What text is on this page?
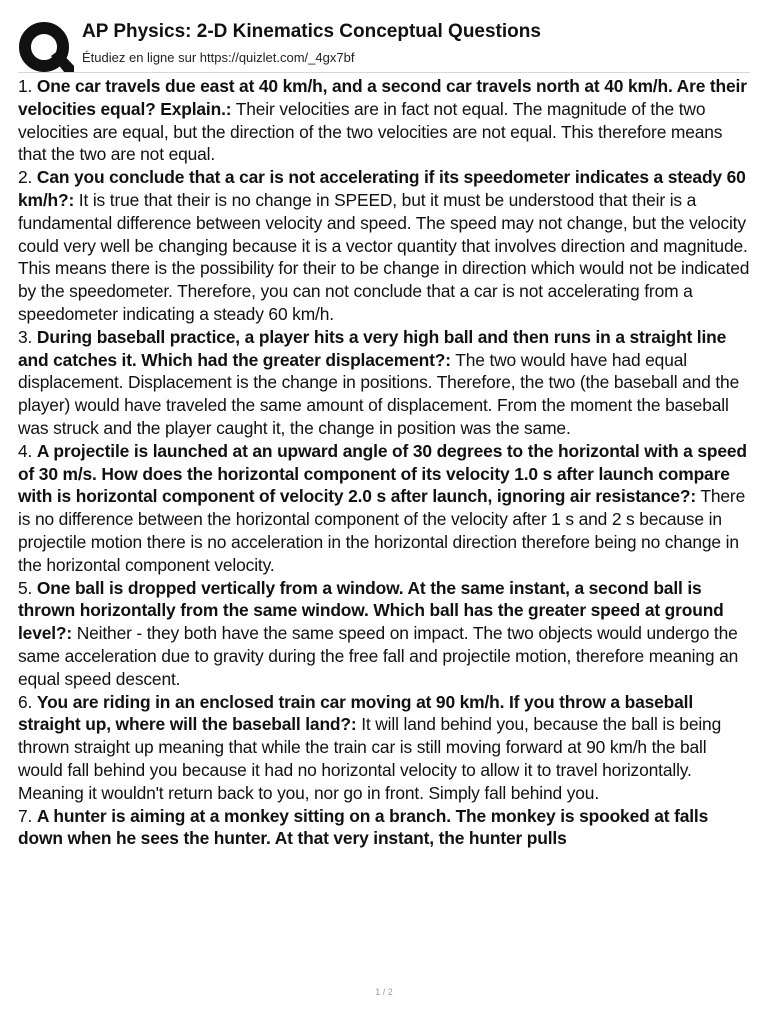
AP Physics: 2-D Kinematics Conceptual Questions
Étudiez en ligne sur https://quizlet.com/_4gx7bf

1. One car travels due east at 40 km/h, and a second car travels north at 40 km/h. Are their velocities equal? Explain.: Their velocities are in fact not equal. The magnitude of the two velocities are equal, but the direction of the two velocities are not equal. This therefore means that the two are not equal.

2. Can you conclude that a car is not accelerating if its speedometer indicates a steady 60 km/h?: It is true that their is no change in SPEED, but it must be understood that their is a fundamental difference between velocity and speed. The speed may not change, but the velocity could very well be changing because it is a vector quantity that involves direction and magnitude. This means there is the possibility for their to be change in direction which would not be indicated by the speedometer. Therefore, you can not conclude that a car is not accelerating from a speedometer indicating a steady 60 km/h.

3. During baseball practice, a player hits a very high ball and then runs in a straight line and catches it. Which had the greater displacement?: The two would have had equal displacement. Displacement is the change in positions. Therefore, the two (the baseball and the player) would have traveled the same amount of displacement. From the moment the baseball was struck and the player caught it, the change in position was the same.

4. A projectile is launched at an upward angle of 30 degrees to the horizontal with a speed of 30 m/s. How does the horizontal component of its velocity 1.0 s after launch compare with is horizontal component of velocity 2.0 s after launch, ignoring air resistance?: There is no difference between the horizontal component of the velocity after 1 s and 2 s because in projectile motion there is no acceleration in the horizontal direction therefore being no change in the horizontal component velocity.

5. One ball is dropped vertically from a window. At the same instant, a second ball is thrown horizontally from the same window. Which ball has the greater speed at ground level?: Neither - they both have the same speed on impact. The two objects would undergo the same acceleration due to gravity during the free fall and projectile motion, therefore meaning an equal speed descent.

6. You are riding in an enclosed train car moving at 90 km/h. If you throw a baseball straight up, where will the baseball land?: It will land behind you, because the ball is being thrown straight up meaning that while the train car is still moving forward at 90 km/h the ball would fall behind you because it had no horizontal velocity to allow it to travel horizontally. Meaning it wouldn't return back to you, nor go in front. Simply fall behind you.

7. A hunter is aiming at a monkey sitting on a branch. The monkey is spooked at falls down when he sees the hunter. At that very instant, the hunter pulls

1 / 2
